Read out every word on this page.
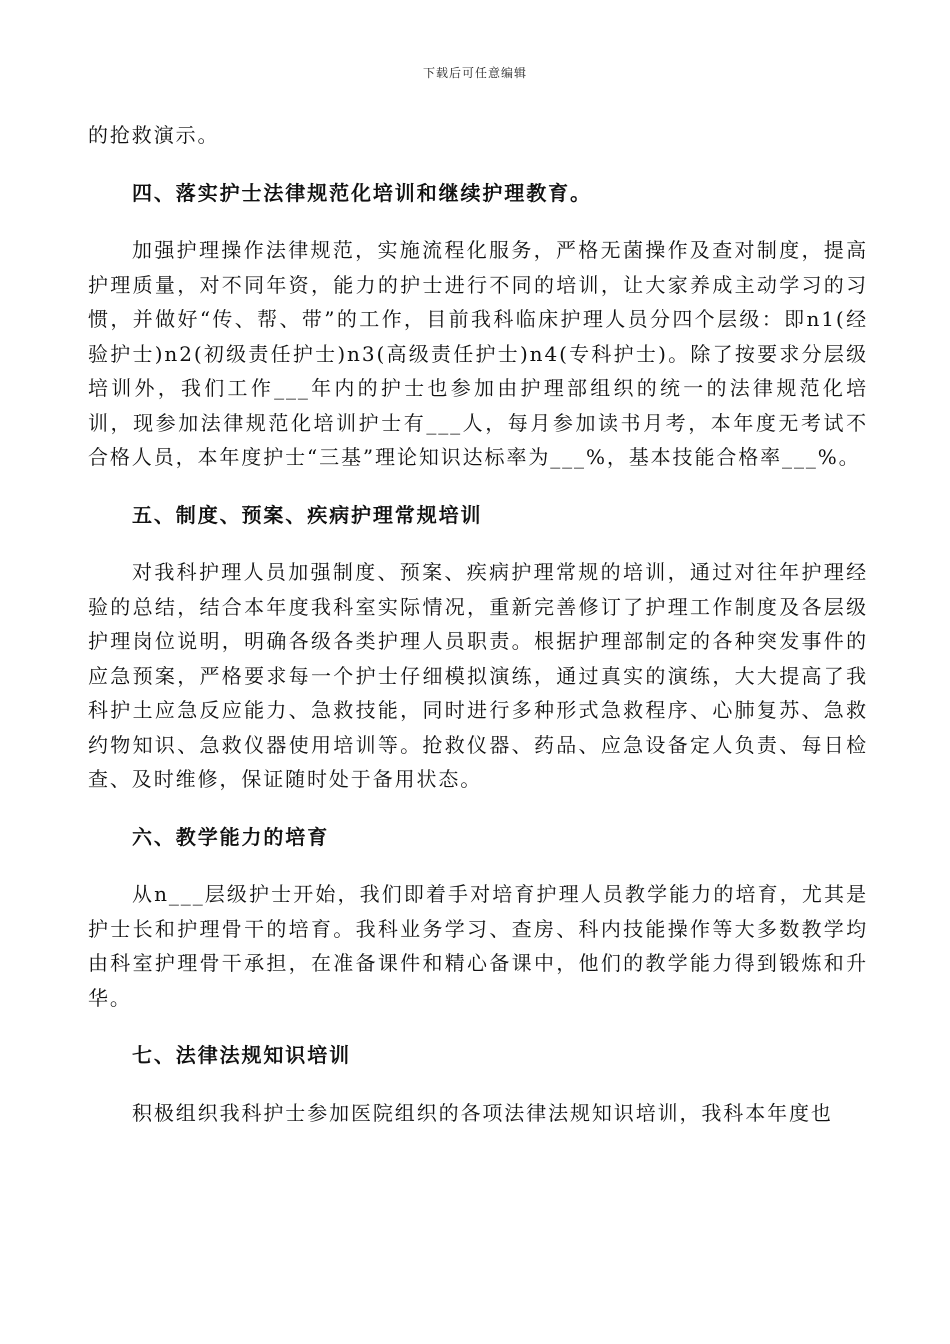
下载后可任意编辑

的抢救演示。

四、落实护士法律规范化培训和继续护理教育。

加强护理操作法律规范，实施流程化服务，严格无菌操作及查对制度，提高护理质量，对不同年资，能力的护士进行不同的培训，让大家养成主动学习的习惯，并做好“传、帮、带”的工作，目前我科临床护理人员分四个层级：即n1(经验护士)n2(初级责任护士)n3(高级责任护士)n4(专科护士)。除了按要求分层级培训外，我们工作___年内的护士也参加由护理部组织的统一的法律规范化培训，现参加法律规范化培训护士有___人，每月参加读书月考，本年度无考试不合格人员，本年度护士“三基”理论知识达标率为___%，基本技能合格率___%。

五、制度、预案、疾病护理常规培训

对我科护理人员加强制度、预案、疾病护理常规的培训，通过对往年护理经验的总结，结合本年度我科室实际情况，重新完善修订了护理工作制度及各层级护理岗位说明，明确各级各类护理人员职责。根据护理部制定的各种突发事件的应急预案，严格要求每一个护士仔细模拟演练，通过真实的演练，大大提高了我科护土应急反应能力、急救技能，同时进行多种形式急救程序、心肺复苏、急救约物知识、急救仪器使用培训等。抢救仪器、药品、应急设备定人负责、每日检查、及时维修，保证随时处于备用状态。

六、教学能力的培育

从n___层级护士开始，我们即着手对培育护理人员教学能力的培育，尤其是护士长和护理骨干的培育。我科业务学习、查房、科内技能操作等大多数教学均由科室护理骨干承担，在准备课件和精心备课中，他们的教学能力得到锻炼和升华。

七、法律法规知识培训

积极组织我科护士参加医院组织的各项法律法规知识培训，我科本年度也
